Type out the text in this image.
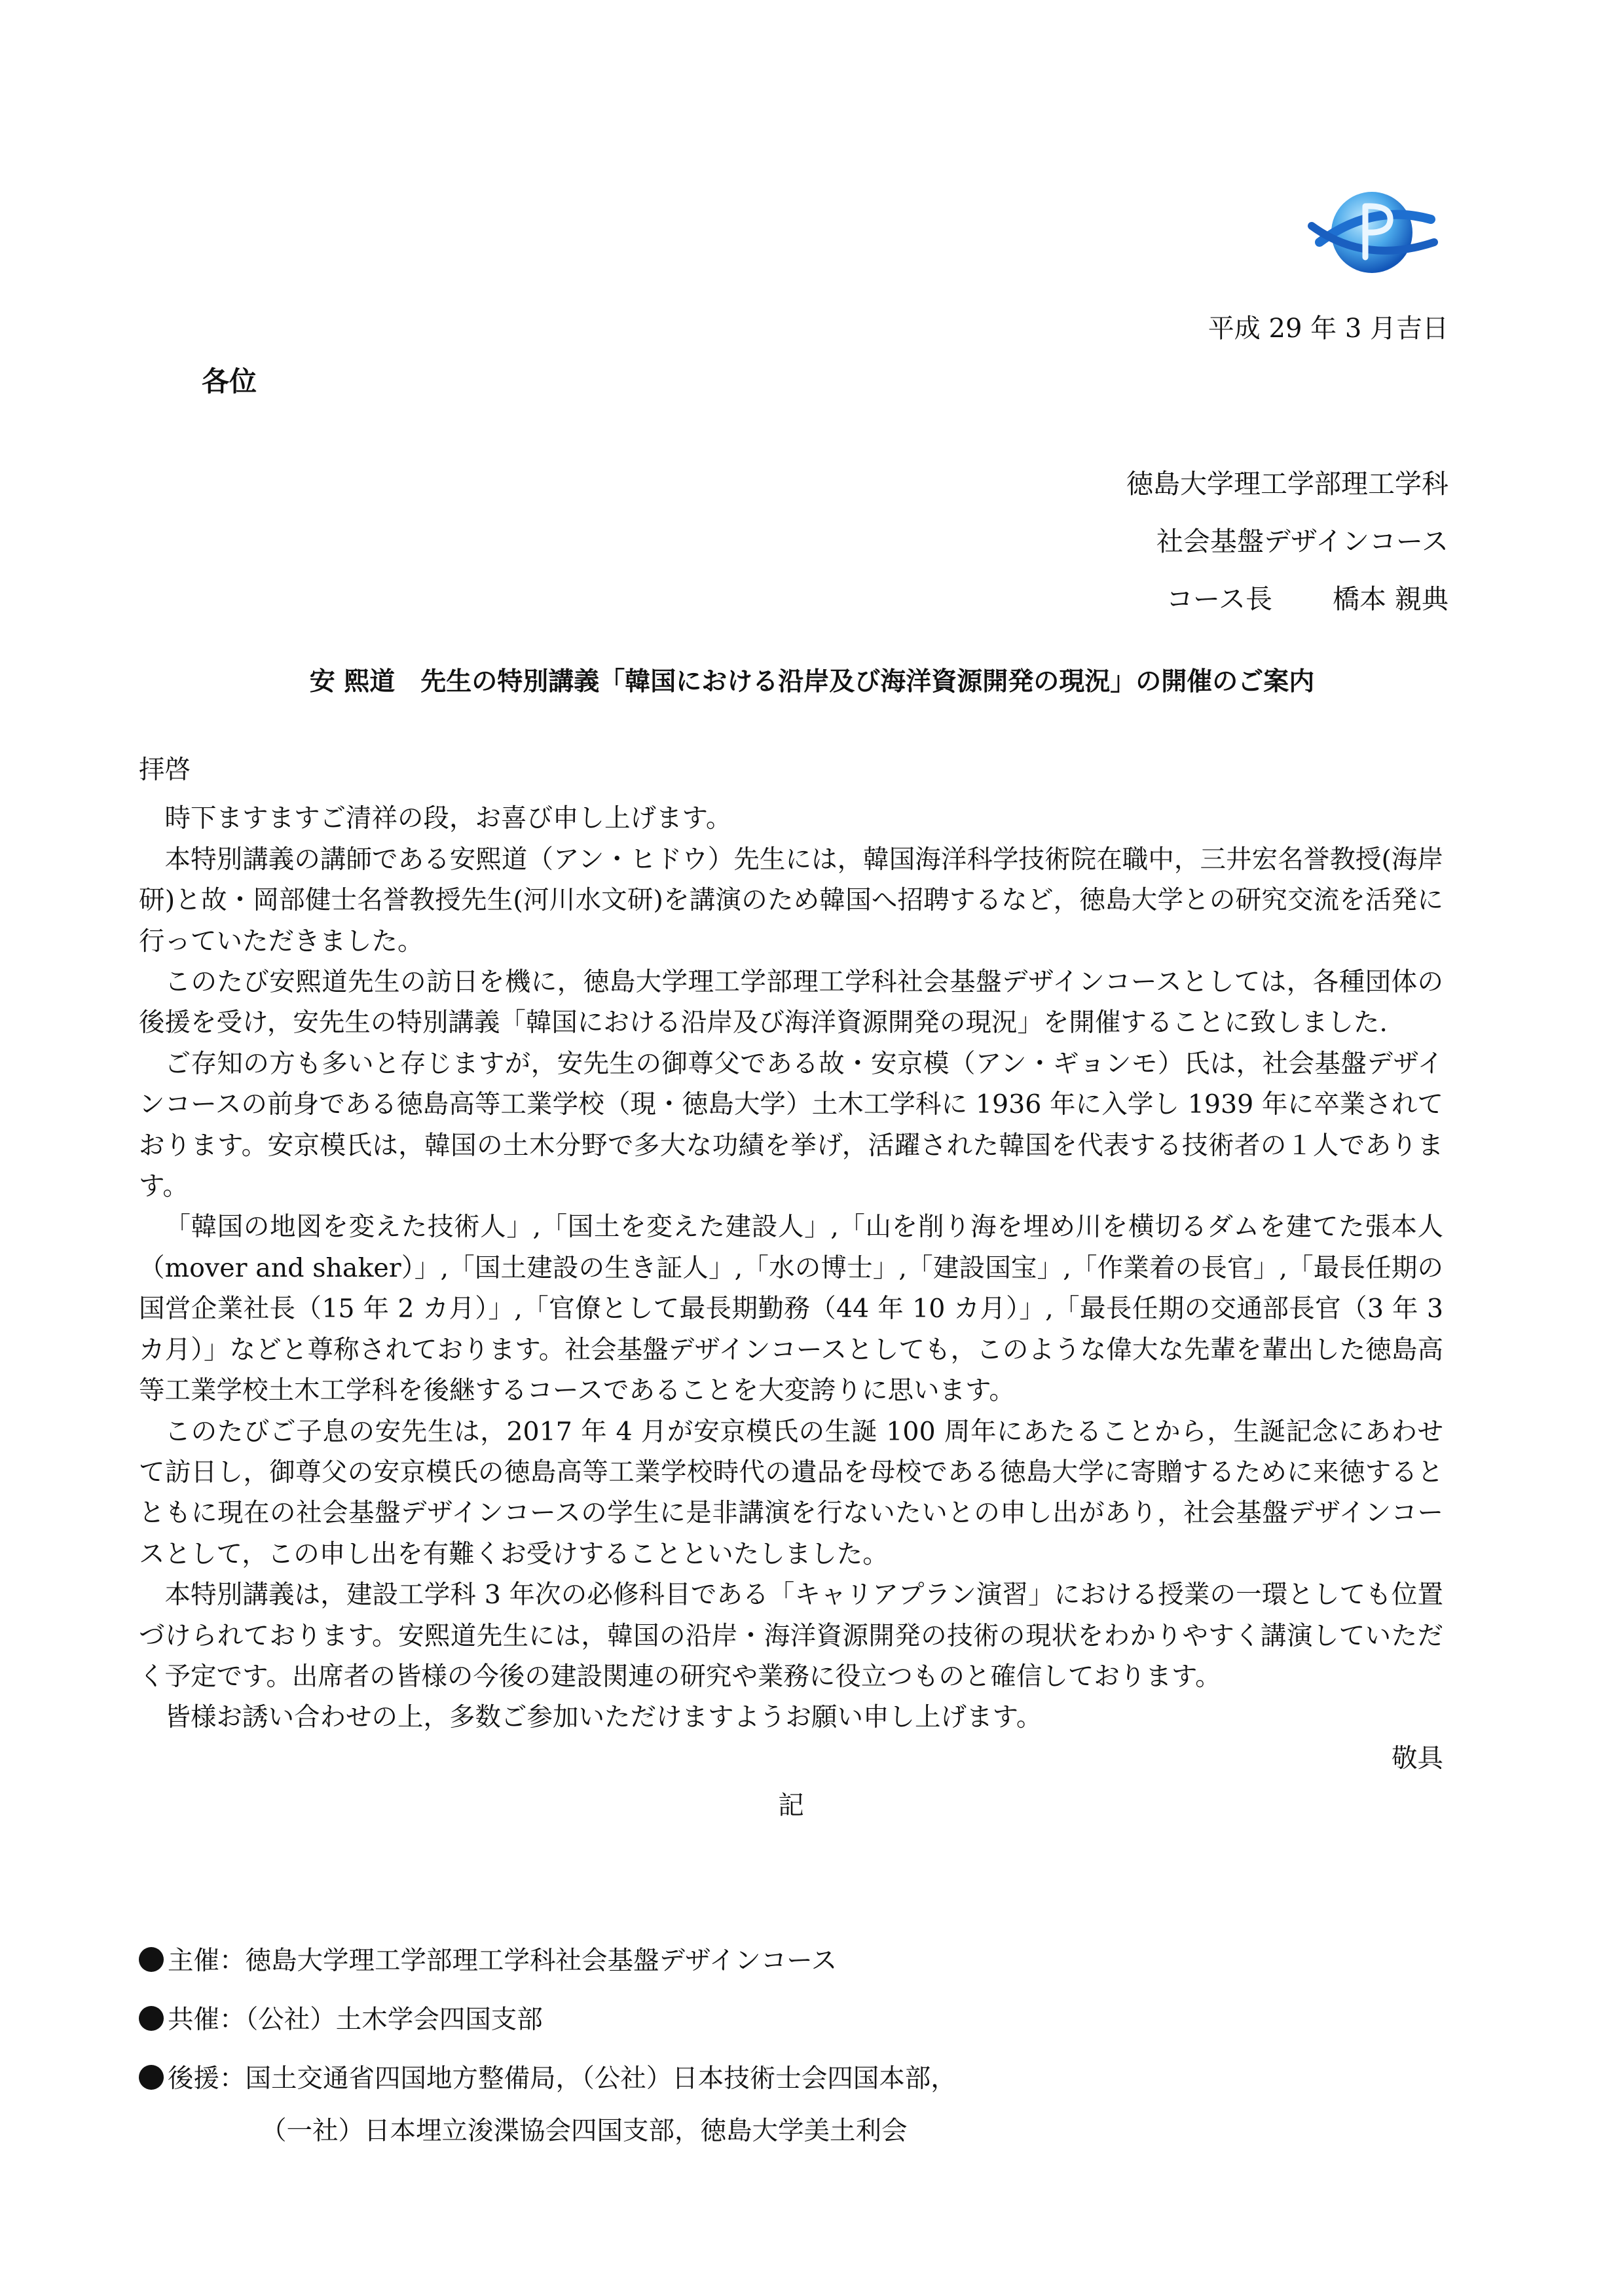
平成 29 年 3 月吉日
各位
徳島大学理工学部理工学科
社会基盤デザインコース
コース長 橋本 親典
安 熙道　先生の特別講義「韓国における沿岸及び海洋資源開発の現況」の開催のご案内

拝啓

時下ますますご清祥の段，お喜び申し上げます。

本特別講義の講師である安熙道（アン・ヒドウ）先生には，韓国海洋科学技術院在職中，三井宏名誉教授(海岸研)と故・岡部健士名誉教授先生(河川水文研)を講演のため韓国へ招聘するなど，徳島大学との研究交流を活発に行っていただきました。

このたび安熙道先生の訪日を機に，徳島大学理工学部理工学科社会基盤デザインコースとしては，各種団体の後援を受け，安先生の特別講義「韓国における沿岸及び海洋資源開発の現況」を開催することに致しました.

ご存知の方も多いと存じますが，安先生の御尊父である故・安京模（アン・ギョンモ）氏は，社会基盤デザインコースの前身である徳島高等工業学校（現・徳島大学）土木工学科に 1936 年に入学し 1939 年に卒業されております。安京模氏は，韓国の土木分野で多大な功績を挙げ，活躍された韓国を代表する技術者の１人であります。

「韓国の地図を変えた技術人」,「国土を変えた建設人」,「山を削り海を埋め川を横切るダムを建てた張本人（mover and shaker）」,「国土建設の生き証人」,「水の博士」,「建設国宝」,「作業着の長官」,「最長任期の国営企業社長（15 年 2 カ月）」,「官僚として最長期勤務（44 年 10 カ月）」,「最長任期の交通部長官（3 年 3 カ月）」などと尊称されております。社会基盤デザインコースとしても，このような偉大な先輩を輩出した徳島高等工業学校土木工学科を後継するコースであることを大変誇りに思います。

このたびご子息の安先生は，2017 年 4 月が安京模氏の生誕 100 周年にあたることから，生誕記念にあわせて訪日し，御尊父の安京模氏の徳島高等工業学校時代の遺品を母校である徳島大学に寄贈するために来徳するとともに現在の社会基盤デザインコースの学生に是非講演を行ないたいとの申し出があり，社会基盤デザインコースとして，この申し出を有難くお受けすることといたしました。

本特別講義は，建設工学科 3 年次の必修科目である「キャリアプラン演習」における授業の一環としても位置づけられております。安熙道先生には，韓国の沿岸・海洋資源開発の技術の現状をわかりやすく講演していただく予定です。出席者の皆様の今後の建設関連の研究や業務に役立つものと確信しております。

皆様お誘い合わせの上，多数ご参加いただけますようお願い申し上げます。

敬具

記

主催：徳島大学理工学部理工学科社会基盤デザインコース
共催：（公社）土木学会四国支部
後援：国土交通省四国地方整備局，（公社）日本技術士会四国本部，
（一社）日本埋立浚渫協会四国支部，徳島大学美土利会
